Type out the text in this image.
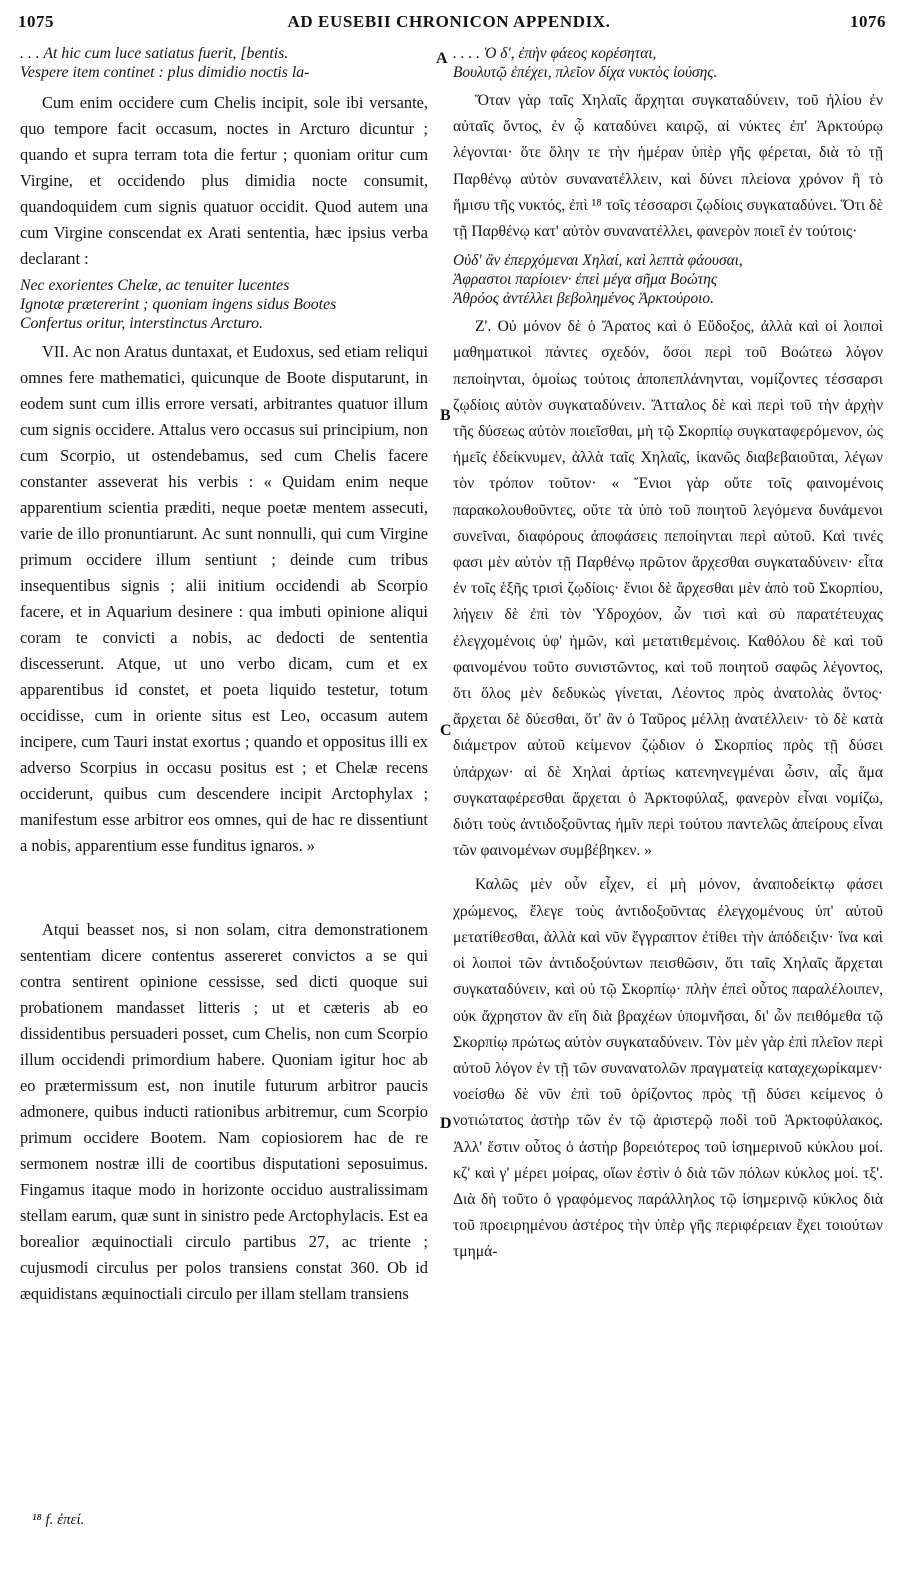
1075	AD EUSEBII CHRONICON APPENDIX.	1076

. . . At hic cum luce satiatus fuerit, [bentis.
Vespere item continet : plus dimidio noctis la-

Cum enim occidere cum Chelis incipit, sole ibi versante, quo tempore facit occasum, noctes in Arcturo dicuntur ; quando et supra terram tota die fertur ; quoniam oritur cum Virgine, et occidendo plus dimidia nocte consumit, quandoquidem cum signis quatuor occidit. Quod autem una cum Virgine conscendat ex Arati sententia, hæc ipsius verba declarant :

Nec exorientes Chelæ, ac tenuiter lucentes
Ignotæ prætererint ; quoniam ingens sidus Bootes
Confertus oritur, interstinctus Arcturo.

VII. Ac non Aratus duntaxat, et Eudoxus, sed etiam reliqui omnes fere mathematici, quicunque de Boote disputarunt, in eodem sunt cum illis errore versati, arbitrantes quatuor illum cum signis occidere. Attalus vero occasus sui principium, non cum Scorpio, ut ostendebamus, sed cum Chelis facere constanter asseverat his verbis : « Quidam enim neque apparentium scientia præditi, neque poetæ mentem assecuti, varie de illo pronuntiarunt. Ac sunt nonnulli, qui cum Virgine primum occidere illum sentiunt ; deinde cum tribus insequentibus signis ; alii initium occidendi ab Scorpio facere, et in Aquarium desinere : qua imbuti opinione aliqui coram te convicti a nobis, ac dedocti de sententia discesserunt. Atque, ut uno verbo dicam, cum et ex apparentibus id constet, et poeta liquido testetur, totum occidisse, cum in oriente situs est Leo, occasum autem incipere, cum Tauri instat exortus ; quando et oppositus illi ex adverso Scorpius in occasu positus est ; et Chelæ recens occiderunt, quibus cum descendere incipit Arctophylax ; manifestum esse arbitror eos omnes, qui de hac re dissentiunt a nobis, apparentium esse funditus ignaros. »

Atqui beasset nos, si non solam, citra demonstrationem sententiam dicere contentus assereret convictos a se qui contra sentirent opinione cessisse, sed dicti quoque sui probationem mandasset litteris ; ut et cæteris ab eo dissidentibus persuaderi posset, cum Chelis, non cum Scorpio illum occidendi primordium habere. Quoniam igitur hoc ab eo prætermissum est, non inutile futurum arbitror paucis admonere, quibus inducti rationibus arbitremur, cum Scorpio primum occidere Bootem. Nam copiosiorem hac de re sermonem nostræ illi de coortibus disputationi seposuimus. Fingamus itaque modo in horizonte occiduo australissimam stellam earum, quæ sunt in sinistro pede Arctophylacis. Est ea borealior æquinoctiali circulo partibus 27, ac triente ; cujusmodi circulus per polos transiens constat 360. Ob id æquidistans æquinoctiali circulo per illam stellam transiens

A
B
C
D

. . . . Ὁ δ', ἐπὴν φάεος κορέσηται,
Βουλυτῷ ἐπέχει, πλεῖον δίχα νυκτὸς ἰούσης.

Ὅταν γὰρ ταῖς Χηλαῖς ἄρχηται συγκαταδύνειν, τοῦ ἡλίου ἐν αὐταῖς ὄντος, ἐν ᾧ καταδύνει καιρῷ, αἱ νύκτες ἐπ' Ἀρκτούρῳ λέγονται· ὅτε ὅλην τε τὴν ἡμέραν ὑπὲρ γῆς φέρεται, διὰ τὸ τῇ Παρθένῳ αὐτὸν συνανατέλλειν, καὶ δύνει πλείονα χρόνον ἢ τὸ ἥμισυ τῆς νυκτός, ἐπὶ ¹⁸ τοῖς τέσσαρσι ζῳδίοις συγκαταδύνει. Ὅτι δὲ τῇ Παρθένῳ κατ' αὐτὸν συνανατέλλει, φανερὸν ποιεῖ ἐν τούτοις·

Οὐδ' ἂν ἐπερχόμεναι Χηλαί, καὶ λεπτὰ φάουσαι,
Ἀφραστοι παρίοιεν· ἐπεὶ μέγα σῆμα Βοώτης
Ἀθρόος ἀντέλλει βεβολημένος Ἀρκτούροιο.

Ζ'. Οὐ μόνον δὲ ὁ Ἄρατος καὶ ὁ Εὔδοξος, ἀλλὰ καὶ οἱ λοιποὶ μαθηματικοὶ πάντες σχεδόν, ὅσοι περὶ τοῦ Βοώτεω λόγον πεποίηνται, ὁμοίως τούτοις ἀποπεπλάνηνται, νομίζοντες τέσσαρσι ζῳδίοις αὐτὸν συγκαταδύνειν. Ἄτταλος δὲ καὶ περὶ τοῦ τὴν ἀρχὴν τῆς δύσεως αὐτὸν ποιεῖσθαι, μὴ τῷ Σκορπίῳ συγκαταφερόμενον, ὡς ἡμεῖς ἐδείκνυμεν, ἀλλὰ ταῖς Χηλαῖς, ἱκανῶς διαβεβαιοῦται, λέγων τὸν τρόπον τοῦτον· « Ἔνιοι γὰρ οὔτε τοῖς φαινομένοις παρακολουθοῦντες, οὔτε τὰ ὑπὸ τοῦ ποιητοῦ λεγόμενα δυνάμενοι συνεῖναι, διαφόρους ἀποφάσεις πεποίηνται περὶ αὐτοῦ. Καὶ τινές φασι μὲν αὐτὸν τῇ Παρθένῳ πρῶτον ἄρχεσθαι συγκαταδύνειν· εἶτα ἐν τοῖς ἑξῆς τρισὶ ζῳδίοις· ἔνιοι δὲ ἄρχεσθαι μὲν ἀπὸ τοῦ Σκορπίου, λήγειν δὲ ἐπὶ τὸν Ὑδροχόον, ὧν τισὶ καὶ σὺ παρατέτευχας ἐλεγχομένοις ὑφ' ἡμῶν, καὶ μετατιθεμένοις. Καθόλου δὲ καὶ τοῦ φαινομένου τοῦτο συνιστῶντος, καὶ τοῦ ποιητοῦ σαφῶς λέγοντος, ὅτι ὅλος μὲν δεδυκὼς γίνεται, Λέοντος πρὸς ἀνατολὰς ὄντος· ἄρχεται δὲ δύεσθαι, ὅτ' ἂν ὁ Ταῦρος μέλλῃ ἀνατέλλειν· τὸ δὲ κατὰ διάμετρον αὐτοῦ κείμενον ζῴδιον ὁ Σκορπίος πρὸς τῇ δύσει ὑπάρχων· αἱ δὲ Χηλαὶ ἀρτίως κατενηνεγμέναι ὦσιν, αἷς ἅμα συγκαταφέρεσθαι ἄρχεται ὁ Ἀρκτοφύλαξ, φανερὸν εἶναι νομίζω, διότι τοὺς ἀντιδοξοῦντας ἡμῖν περὶ τούτου παντελῶς ἀπείρους εἶναι τῶν φαινομένων συμβέβηκεν. »

Καλῶς μὲν οὖν εἶχεν, εἰ μὴ μόνον, ἀναποδείκτῳ φάσει χρώμενος, ἔλεγε τοὺς ἀντιδοξοῦντας ἐλεγχομένους ὑπ' αὐτοῦ μετατίθεσθαι, ἀλλὰ καὶ νῦν ἔγγραπτον ἐτίθει τὴν ἀπόδειξιν· ἵνα καὶ οἱ λοιποὶ τῶν ἀντιδοξούντων πεισθῶσιν, ὅτι ταῖς Χηλαῖς ἄρχεται συγκαταδύνειν, καὶ οὐ τῷ Σκορπίῳ· πλὴν ἐπεὶ οὗτος παραλέλοιπεν, οὐκ ἄχρηστον ἂν εἴη διὰ βραχέων ὑπομνῆσαι, δι' ὧν πειθόμεθα τῷ Σκορπίῳ πρώτως αὐτὸν συγκαταδύνειν. Τὸν μὲν γὰρ ἐπὶ πλεῖον περὶ αὐτοῦ λόγον ἐν τῇ τῶν συνανατολῶν πραγματείᾳ καταχεχωρίκαμεν· νοείσθω δὲ νῦν ἐπὶ τοῦ ὁρίζοντος πρὸς τῇ δύσει κείμενος ὁ νοτιώτατος ἀστὴρ τῶν ἐν τῷ ἀριστερῷ ποδὶ τοῦ Ἀρκτοφύλακος. Ἀλλ' ἔστιν οὗτος ὁ ἀστὴρ βορειότερος τοῦ ἰσημερινοῦ κύκλου μοί. κζ' καὶ γ' μέρει μοίρας, οἵων ἐστὶν ὁ διὰ τῶν πόλων κύκλος μοί. τξ'. Διὰ δὴ τοῦτο ὁ γραφόμενος παράλληλος τῷ ἰσημερινῷ κύκλος διὰ τοῦ προειρημένου ἀστέρος τὴν ὑπὲρ γῆς περιφέρειαν ἔχει τοιούτων τμημά-

¹⁸ f. ἐπεί.
